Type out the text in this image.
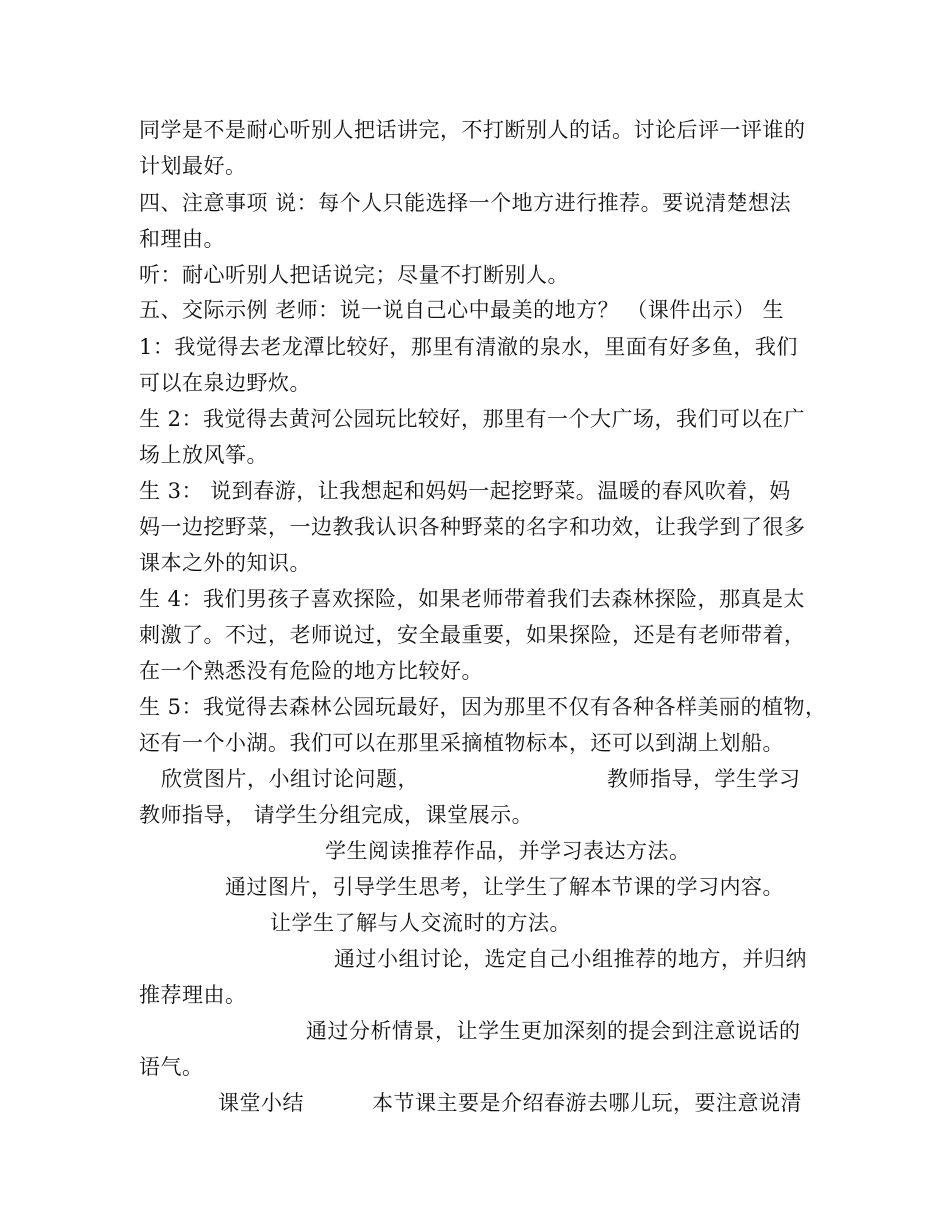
同学是不是耐心听别人把话讲完，不打断别人的话。讨论后评一评谁的
计划最好。
四、注意事项 说：每个人只能选择一个地方进行推荐。要说清楚想法
和理由。
听：耐心听别人把话说完；尽量不打断别人。
五、交际示例 老师：说一说自己心中最美的地方？ （课件出示） 生
1：我觉得去老龙潭比较好，那里有清澈的泉水，里面有好多鱼，我们
可以在泉边野炊。
生 2：我觉得去黄河公园玩比较好，那里有一个大广场，我们可以在广
场上放风筝。
生 3： 说到春游，让我想起和妈妈一起挖野菜。温暖的春风吹着，妈
妈一边挖野菜，一边教我认识各种野菜的名字和功效，让我学到了很多
课本之外的知识。
生 4：我们男孩子喜欢探险，如果老师带着我们去森林探险，那真是太
刺激了。不过，老师说过，安全最重要，如果探险，还是有老师带着，
在一个熟悉没有危险的地方比较好。
生 5：我觉得去森林公园玩最好，因为那里不仅有各种各样美丽的植物，
还有一个小湖。我们可以在那里采摘植物标本，还可以到湖上划船。
欣赏图片，小组讨论问题，	教师指导，学生学习
教师指导， 请学生分组完成，课堂展示。
学生阅读推荐作品，并学习表达方法。
通过图片，引导学生思考，让学生了解本节课的学习内容。
让学生了解与人交流时的方法。
通过小组讨论，选定自己小组推荐的地方，并归纳
推荐理由。
通过分析情景，让学生更加深刻的提会到注意说话的
语气。
课堂小结	本节课主要是介绍春游去哪儿玩，要注意说清
